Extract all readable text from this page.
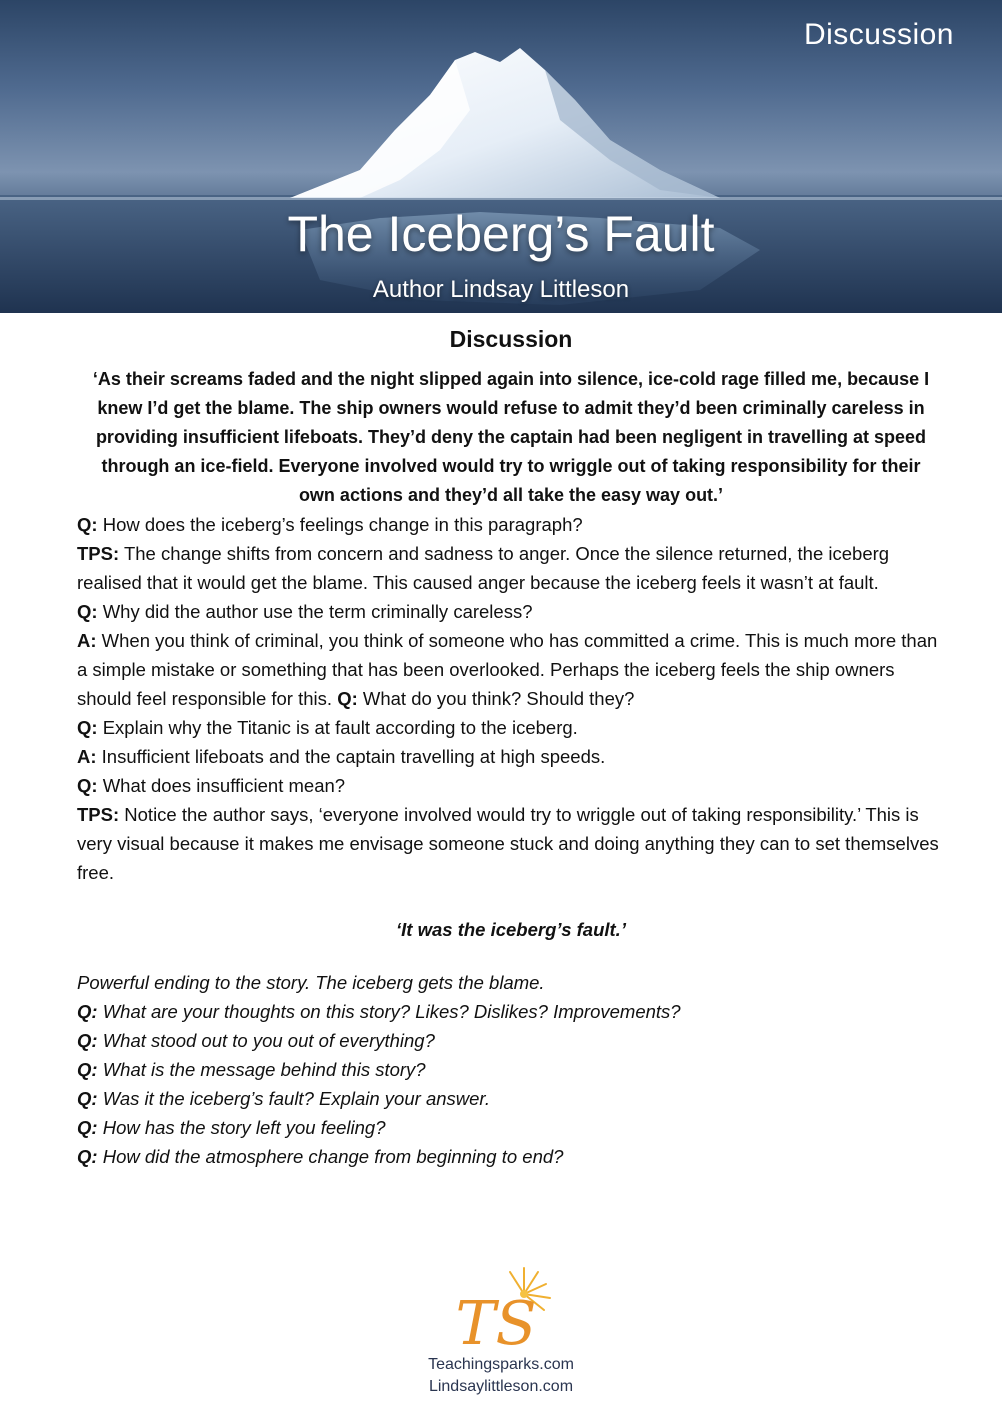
Discussion
The Iceberg’s Fault
Author Lindsay Littleson
Discussion
‘As their screams faded and the night slipped again into silence, ice-cold rage filled me, because I knew I’d get the blame. The ship owners would refuse to admit they’d been criminally careless in providing insufficient lifeboats. They’d deny the captain had been negligent in travelling at speed through an ice-field. Everyone involved would try to wriggle out of taking responsibility for their own actions and they’d all take the easy way out.’

Q: How does the iceberg’s feelings change in this paragraph?

TPS: The change shifts from concern and sadness to anger. Once the silence returned, the iceberg realised that it would get the blame. This caused anger because the iceberg feels it wasn’t at fault.

Q: Why did the author use the term criminally careless?

A: When you think of criminal, you think of someone who has committed a crime. This is much more than a simple mistake or something that has been overlooked. Perhaps the iceberg feels the ship owners should feel responsible for this. Q: What do you think? Should they?

Q: Explain why the Titanic is at fault according to the iceberg.

A: Insufficient lifeboats and the captain travelling at high speeds.

Q: What does insufficient mean?

TPS: Notice the author says, ‘everyone involved would try to wriggle out of taking responsibility.’ This is very visual because it makes me envisage someone stuck and doing anything they can to set themselves free.

‘It was the iceberg’s fault.’

Powerful ending to the story. The iceberg gets the blame.

Q: What are your thoughts on this story? Likes? Dislikes? Improvements?

Q: What stood out to you out of everything?

Q: What is the message behind this story?

Q: Was it the iceberg’s fault? Explain your answer.

Q: How has the story left you feeling?

Q: How did the atmosphere change from beginning to end?

TS
Teachingsparks.com
Lindsaylittleson.com
